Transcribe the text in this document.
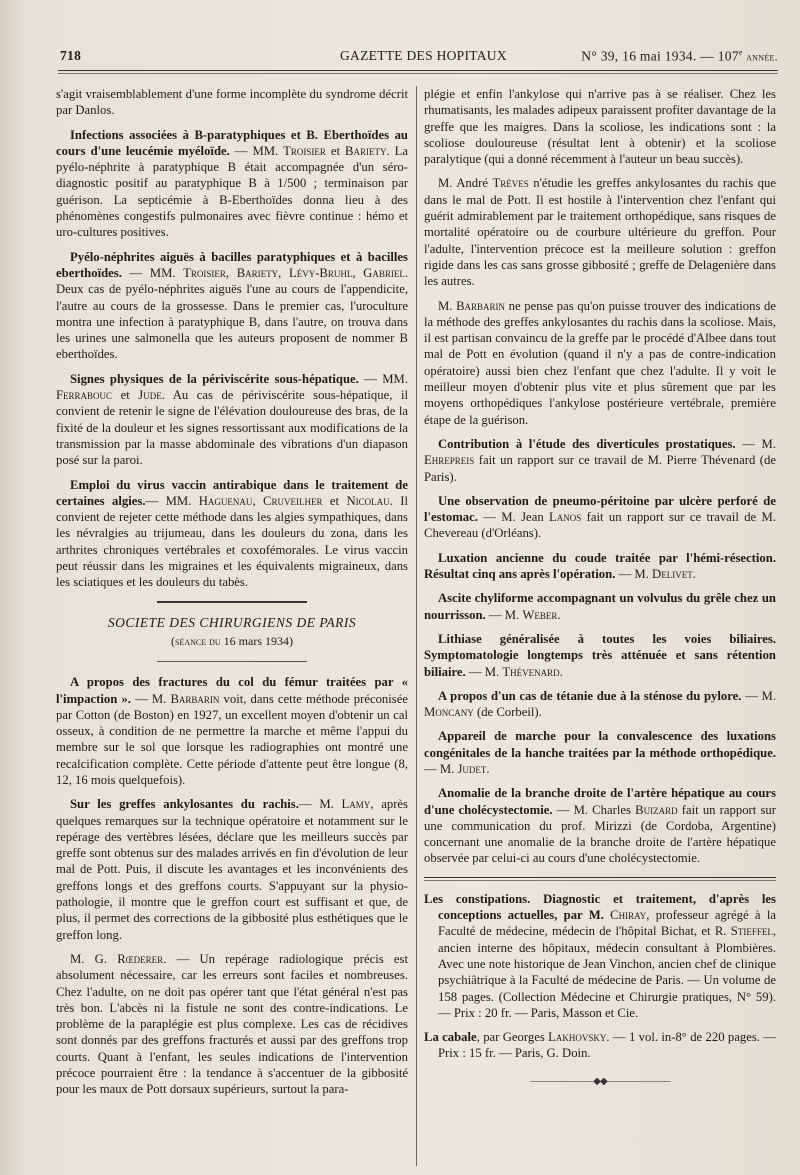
718	GAZETTE DES HOPITAUX	N° 39, 16 mai 1934. — 107e année.

s'agit vraisemblablement d'une forme incomplète du syndrome décrit par Danlos.

Infections associées à B-paratyphiques et B. Eberthoïdes au cours d'une leucémie myéloïde. — MM. Troisier et Bariety. La pyélo-néphrite à paratyphique B était accompagnée d'un séro-diagnostic positif au paratyphique B à 1/500 ; terminaison par guérison. La septicémie à B-Eberthoïdes donna lieu à des phénomènes congestifs pulmonaires avec fièvre continue : hémo et uro-cultures positives.

Pyélo-néphrites aiguës à bacilles paratyphiques et à bacilles eberthoïdes. — MM. Troisier, Bariety, Lévy-Bruhl, Gabriel. Deux cas de pyélo-néphrites aiguës l'une au cours de l'appendicite, l'autre au cours de la grossesse. Dans le premier cas, l'uroculture montra une infection à paratyphique B, dans l'autre, on trouva dans les urines une salmonella que les auteurs proposent de nommer B eberthoïdes.

Signes physiques de la périviscérite sous-hépatique. — MM. Ferrabouc et Jude. Au cas de périviscérite sous-hépatique, il convient de retenir le signe de l'élévation douloureuse des bras, de la fixité de la douleur et les signes ressortissant aux modifications de la transmission par la masse abdominale des vibrations d'un diapason posé sur la paroi.

Emploi du virus vaccin antirabique dans le traitement de certaines algies.— MM. Haguenau, Cruveilher et Nicolau. Il convient de rejeter cette méthode dans les algies sympathiques, dans les névralgies au trijumeau, dans les douleurs du zona, dans les arthrites chroniques vertébrales et coxofémorales. Le virus vaccin peut réussir dans les migraines et les équivalents migraineux, dans les sciatiques et les douleurs du tabès.

SOCIETE DES CHIRURGIENS DE PARIS
(séance du 16 mars 1934)

A propos des fractures du col du fémur traitées par « l'impaction ». — M. Barbarin voit, dans cette méthode préconisée par Cotton (de Boston) en 1927, un excellent moyen d'obtenir un cal osseux, à condition de ne permettre la marche et même l'appui du membre sur le sol que lorsque les radiographies ont montré une recalcification complète. Cette période d'attente peut être longue (8, 12, 16 mois quelquefois).

Sur les greffes ankylosantes du rachis.— M. Lamy, après quelques remarques sur la technique opératoire et notamment sur le repérage des vertèbres lésées, déclare que les meilleurs succès par greffe sont obtenus sur des malades arrivés en fin d'évolution de leur mal de Pott. Puis, il discute les avantages et les inconvénients des greffons longs et des greffons courts. S'appuyant sur la physio-pathologie, il montre que le greffon court est suffisant et que, de plus, il permet des corrections de la gibbosité plus esthétiques que le greffon long.

M. G. Rœderer. — Un repérage radiologique précis est absolument nécessaire, car les erreurs sont faciles et nombreuses. Chez l'adulte, on ne doit pas opérer tant que l'état général n'est pas très bon. L'abcès ni la fistule ne sont des contre-indications. Le problème de la paraplégie est plus complexe. Les cas de récidives sont donnés par des greffons fracturés et aussi par des greffons trop courts. Quant à l'enfant, les seules indications de l'intervention précoce pourraient être : la tendance à s'accentuer de la gibbosité pour les maux de Pott dorsaux supérieurs, surtout la para-

plégie et enfin l'ankylose qui n'arrive pas à se réaliser. Chez les rhumatisants, les malades adipeux paraissent profiter davantage de la greffe que les maigres. Dans la scoliose, les indications sont : la scoliose douloureuse (résultat lent à obtenir) et la scoliose paralytique (qui a donné récemment à l'auteur un beau succès).

M. André Trèves n'étudie les greffes ankylosantes du rachis que dans le mal de Pott. Il est hostile à l'intervention chez l'enfant qui guérit admirablement par le traitement orthopédique, sans risques de mortalité opératoire ou de courbure ultérieure du greffon. Pour l'adulte, l'intervention précoce est la meilleure solution : greffon rigide dans les cas sans grosse gibbosité ; greffe de Delagenière dans les autres.

M. Barbarin ne pense pas qu'on puisse trouver des indications de la méthode des greffes ankylosantes du rachis dans la scoliose. Mais, il est partisan convaincu de la greffe par le procédé d'Albee dans tout mal de Pott en évolution (quand il n'y a pas de contre-indication opératoire) aussi bien chez l'enfant que chez l'adulte. Il y voit le meilleur moyen d'obtenir plus vite et plus sûrement que par les moyens orthopédiques l'ankylose postérieure vertébrale, première étape de la guérison.

Contribution à l'étude des diverticules prostatiques. — M. Ehrepreis fait un rapport sur ce travail de M. Pierre Thévenard (de Paris).

Une observation de pneumo-péritoine par ulcère perforé de l'estomac. — M. Jean Lanos fait un rapport sur ce travail de M. Chevereau (d'Orléans).

Luxation ancienne du coude traitée par l'hémi-résection. Résultat cinq ans après l'opération. — M. Delivet.

Ascite chyliforme accompagnant un volvulus du grêle chez un nourrisson. — M. Weber.

Lithiase généralisée à toutes les voies biliaires. Symptomatologie longtemps très atténuée et sans rétention biliaire. — M. Thévenard.

A propos d'un cas de tétanie due à la sténose du pylore. — M. Moncany (de Corbeil).

Appareil de marche pour la convalescence des luxations congénitales de la hanche traitées par la méthode orthopédique. — M. Judet.

Anomalie de la branche droite de l'artère hépatique au cours d'une cholécystectomie. — M. Charles Buizard fait un rapport sur une communication du prof. Mirizzi (de Cordoba, Argentine) concernant une anomalie de la branche droite de l'artère hépatique observée par celui-ci au cours d'une cholécystectomie.

Les constipations. Diagnostic et traitement, d'après les conceptions actuelles, par M. Chiray, professeur agrégé à la Faculté de médecine, médecin de l'hôpital Bichat, et R. Stieffel, ancien interne des hôpitaux, médecin consultant à Plombières. Avec une note historique de Jean Vinchon, ancien chef de clinique psychiâtrique à la Faculté de médecine de Paris. — Un volume de 158 pages. (Collection Médecine et Chirurgie pratiques, N° 59). — Prix : 20 fr. — Paris, Masson et Cie.

La cabale, par Georges Lakhovsky. — 1 vol. in-8° de 220 pages. — Prix : 15 fr. — Paris, G. Doin.

———————◆◆———————
